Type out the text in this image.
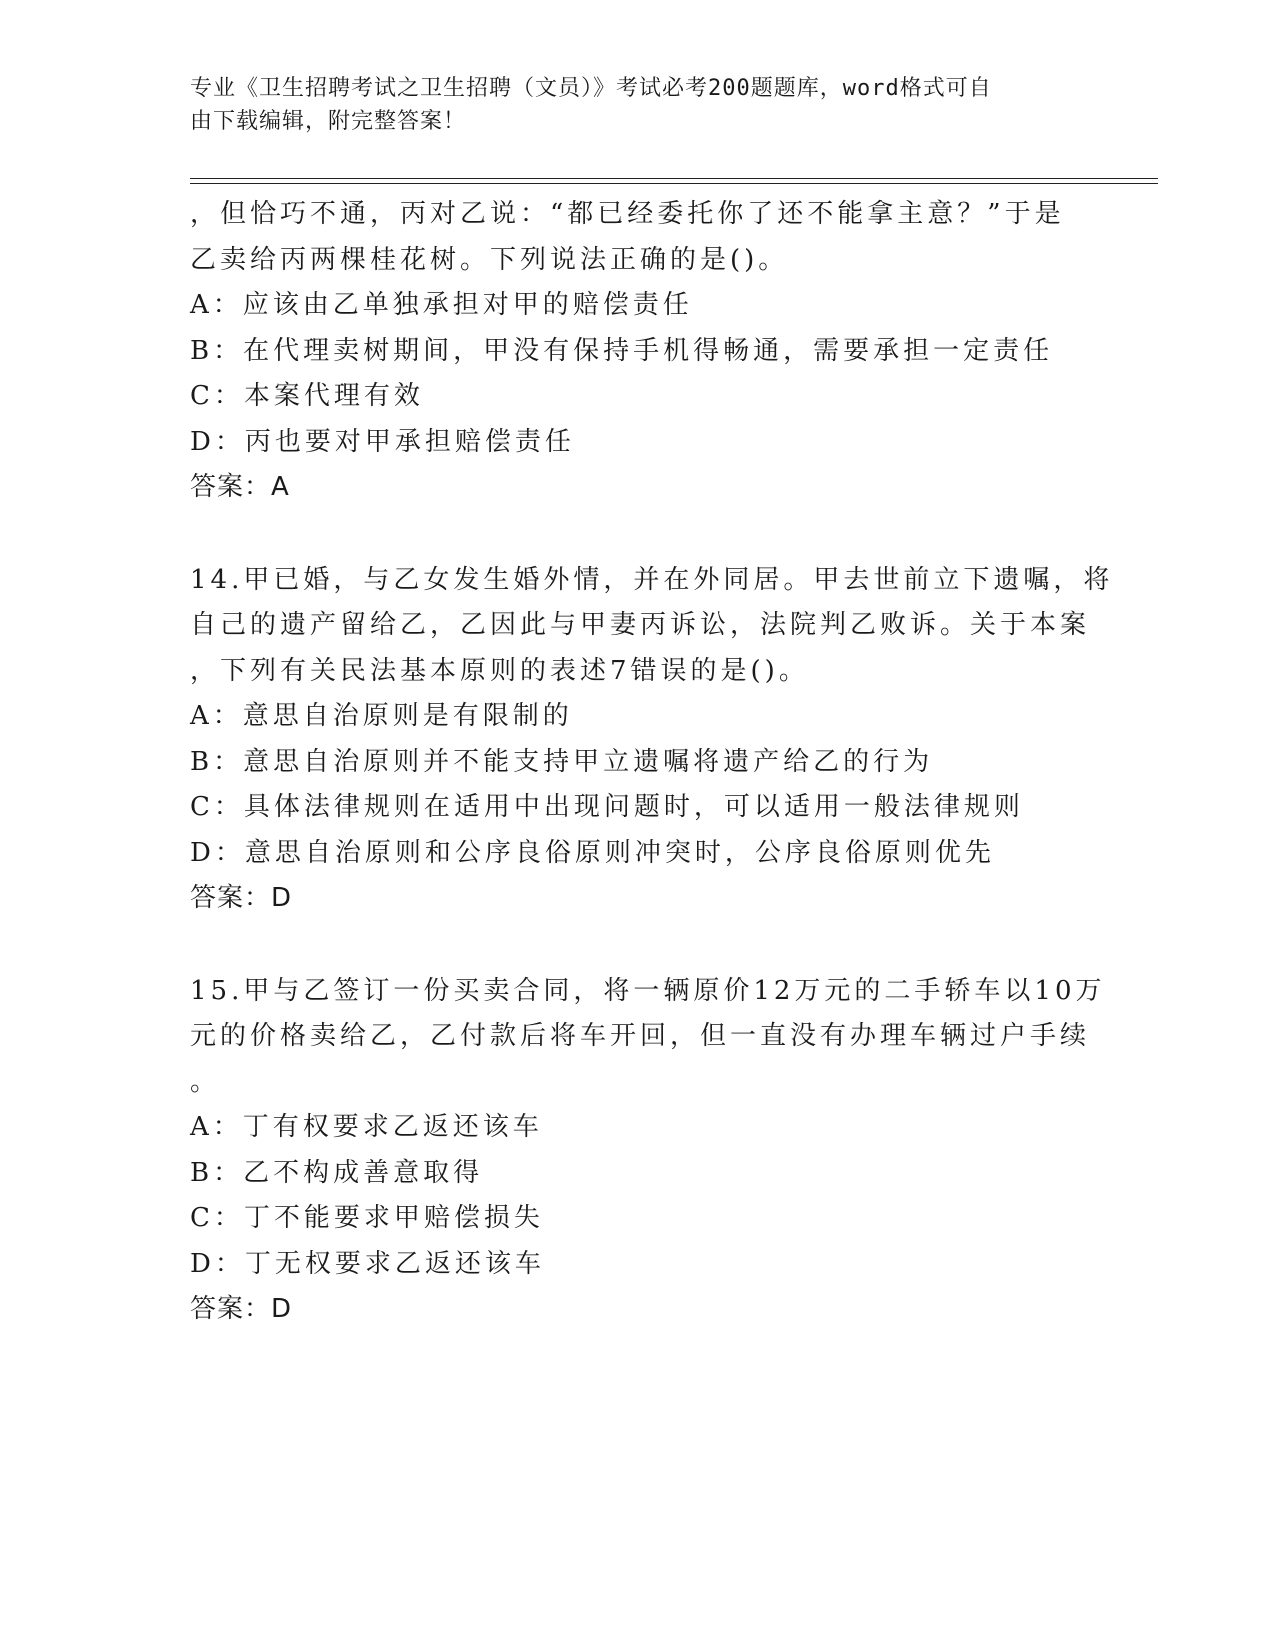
专业《卫生招聘考试之卫生招聘（文员）》考试必考200题题库，word格式可自
由下载编辑，附完整答案！
，但恰巧不通，丙对乙说：“都已经委托你了还不能拿主意？”于是
乙卖给丙两棵桂花树。下列说法正确的是()。
A：应该由乙单独承担对甲的赔偿责任
B：在代理卖树期间，甲没有保持手机得畅通，需要承担一定责任
C：本案代理有效
D：丙也要对甲承担赔偿责任
答案：A
14.甲已婚，与乙女发生婚外情，并在外同居。甲去世前立下遗嘱，将
自己的遗产留给乙，乙因此与甲妻丙诉讼，法院判乙败诉。关于本案
，下列有关民法基本原则的表述7错误的是()。
A：意思自治原则是有限制的
B：意思自治原则并不能支持甲立遗嘱将遗产给乙的行为
C：具体法律规则在适用中出现问题时，可以适用一般法律规则
D：意思自治原则和公序良俗原则冲突时，公序良俗原则优先
答案：D
15.甲与乙签订一份买卖合同，将一辆原价12万元的二手轿车以10万
元的价格卖给乙，乙付款后将车开回，但一直没有办理车辆过户手续
。
A：丁有权要求乙返还该车
B：乙不构成善意取得
C：丁不能要求甲赔偿损失
D：丁无权要求乙返还该车
答案：D
